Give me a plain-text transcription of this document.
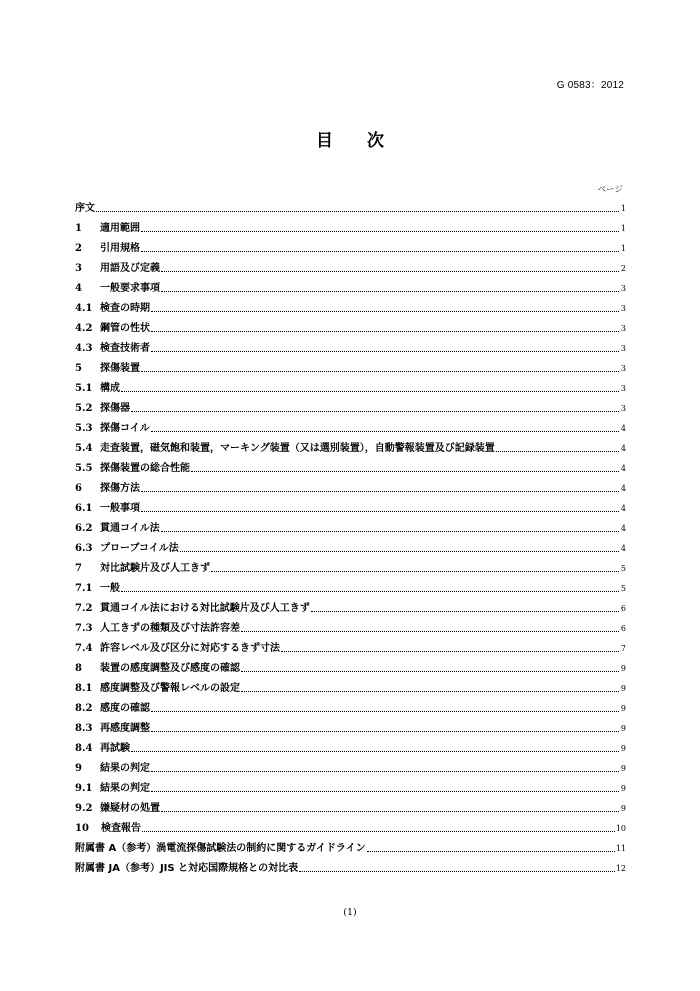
G 0583：2012
目 次
ページ
序文	1
1	適用範囲	1
2	引用規格	1
3	用語及び定義	2
4	一般要求事項	3
4.1 検査の時期	3
4.2 鋼管の性状	3
4.3 検査技術者	3
5	探傷装置	3
5.1 構成	3
5.2 探傷器	3
5.3 探傷コイル	4
5.4 走査装置，磁気飽和装置，マーキング装置（又は選別装置），自動警報装置及び記録装置	4
5.5 探傷装置の総合性能	4
6	探傷方法	4
6.1 一般事項	4
6.2 貫通コイル法	4
6.3 プローブコイル法	4
7	対比試験片及び人工きず	5
7.1 一般	5
7.2 貫通コイル法における対比試験片及び人工きず	6
7.3 人工きずの種類及び寸法許容差	6
7.4 許容レベル及び区分に対応するきず寸法	7
8	装置の感度調整及び感度の確認	9
8.1 感度調整及び警報レベルの設定	9
8.2 感度の確認	9
8.3 再感度調整	9
8.4 再試験	9
9	結果の判定	9
9.1 結果の判定	9
9.2 嫌疑材の処置	9
10	検査報告	10
附属書 A（参考）渦電流探傷試験法の制約に関するガイドライン	11
附属書 JA（参考）JIS と対応国際規格との対比表	12
(1)
